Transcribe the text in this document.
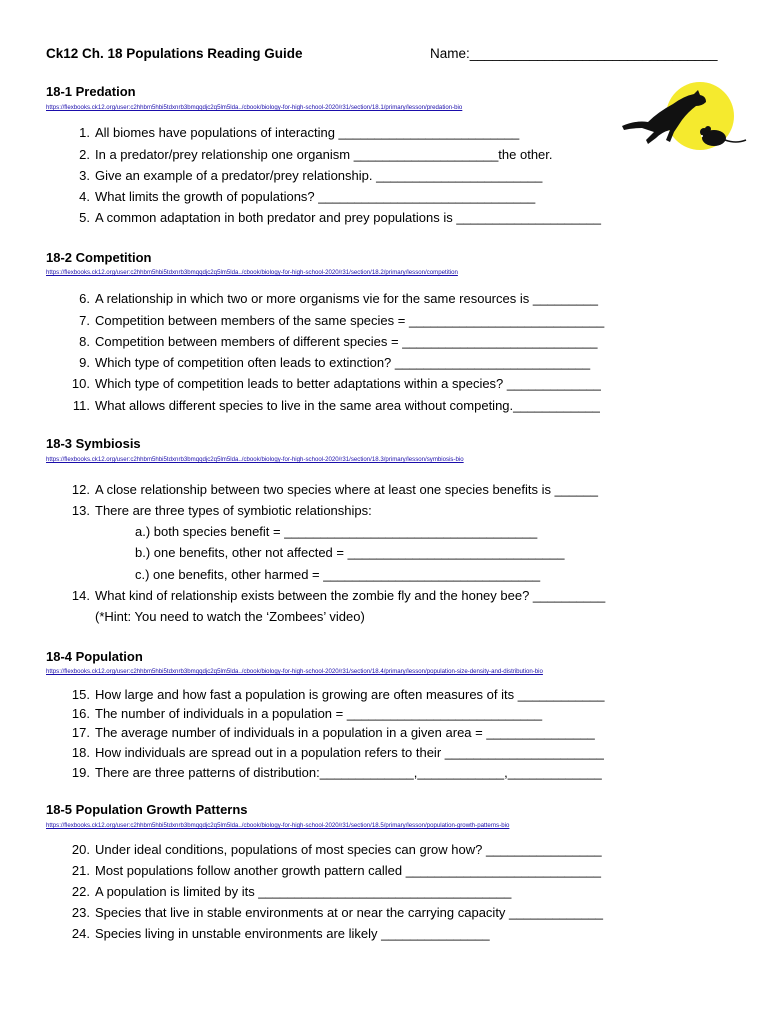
Ck12 Ch. 18 Populations Reading Guide	Name:_________________________________
18-1 Predation
https://flexbooks.ck12.org/user:c2hhbm5hbi5tdxnrb3bmqqdjc2q5lm5lda../cbook/biology-for-high-school-2020/r31/section/18.1/primary/lesson/predation-bio
1. All biomes have populations of interacting _________________________
2. In a predator/prey relationship one organism ____________________the other.
3. Give an example of a predator/prey relationship. _______________________
4. What limits the growth of populations? ______________________________
5. A common adaptation in both predator and prey populations is ____________________
18-2 Competition
https://flexbooks.ck12.org/user:c2hhbm5hbi5tdxnrb3bmqqdjc2q5lm5lda../cbook/biology-for-high-school-2020/r31/section/18.2/primary/lesson/competition
6. A relationship in which two or more organisms vie for the same resources is _________
7. Competition between members of the same species = ___________________________
8. Competition between members of different species = ___________________________
9. Which type of competition often leads to extinction? ___________________________
10. Which type of competition leads to better adaptations within a species? _____________
11. What allows different species to live in the same area without competing.____________
18-3 Symbiosis
https://flexbooks.ck12.org/user:c2hhbm5hbi5tdxnrb3bmqqdjc2q5lm5lda../cbook/biology-for-high-school-2020/r31/section/18.3/primary/lesson/symbiosis-bio
12. A close relationship between two species where at least one species benefits is ______
13. There are three types of symbiotic relationships:
a.) both species benefit = ___________________________________
b.) one benefits, other not affected = ______________________________
c.) one benefits, other harmed = ______________________________
14. What kind of relationship exists between the zombie fly and the honey bee? __________
(*Hint: You need to watch the ‘Zombees’ video)
18-4 Population
https://flexbooks.ck12.org/user:c2hhbm5hbi5tdxnrb3bmqqdjc2q5lm5lda../cbook/biology-for-high-school-2020/r31/section/18.4/primary/lesson/population-size-density-and-distribution-bio
15. How large and how fast a population is growing are often measures of its ____________
16. The number of individuals in a population = ___________________________
17. The average number of individuals in a population in a given area = _______________
18. How individuals are spread out in a population refers to their ______________________
19. There are three patterns of distribution:_____________,____________,_____________
18-5 Population Growth Patterns
https://flexbooks.ck12.org/user:c2hhbm5hbi5tdxnrb3bmqqdjc2q5lm5lda../cbook/biology-for-high-school-2020/r31/section/18.5/primary/lesson/population-growth-patterns-bio
20. Under ideal conditions, populations of most species can grow how? ________________
21. Most populations follow another growth pattern called ___________________________
22. A population is limited by its ___________________________________
23. Species that live in stable environments at or near the carrying capacity _____________
24. Species living in unstable environments are likely _______________
